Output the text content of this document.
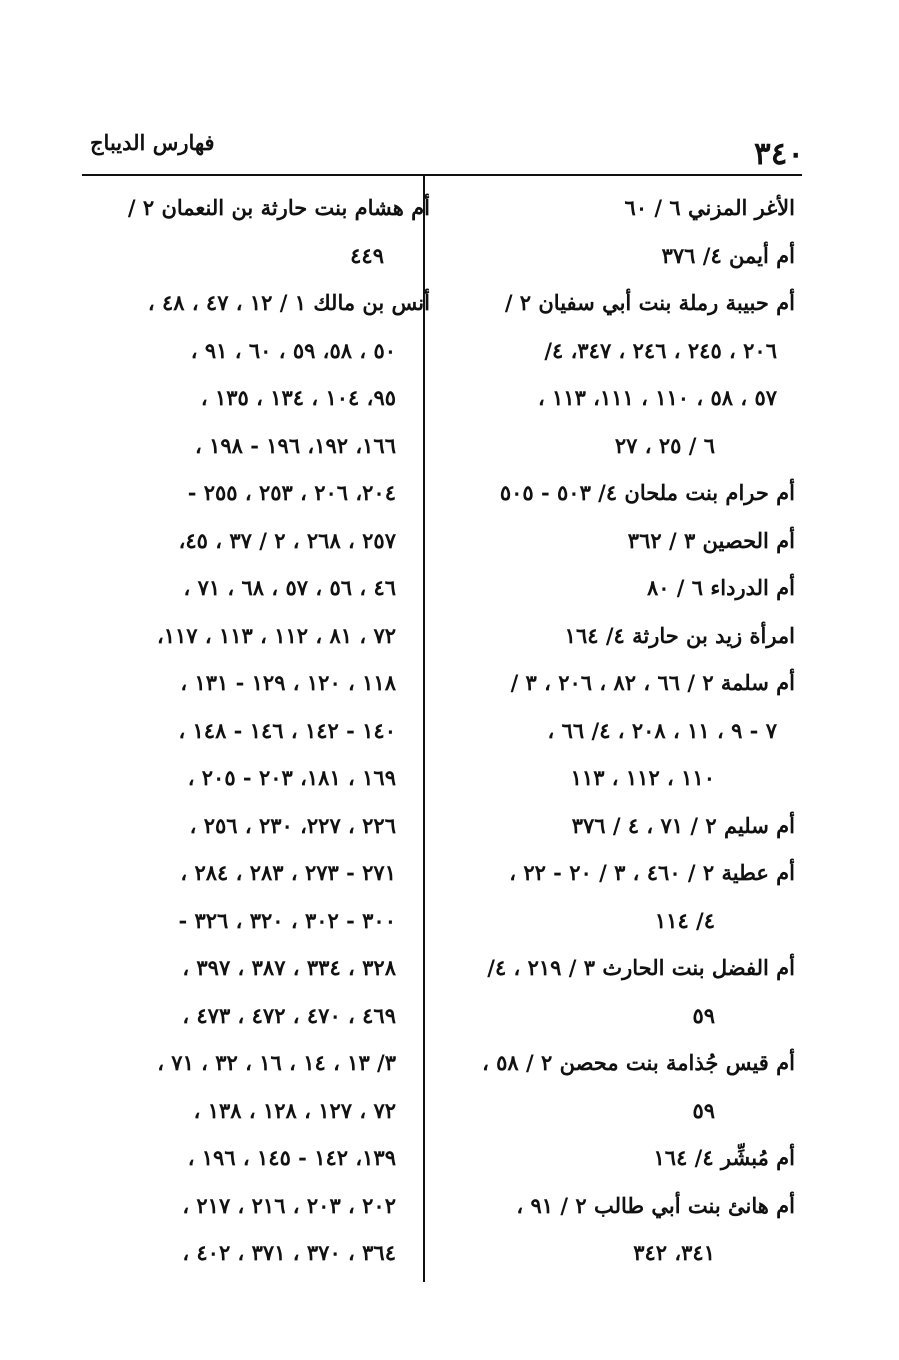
٣٤٠
فهارس الديباج
الأغر المزني ٦ / ٦٠
أم أيمن ٤/ ٣٧٦
أم حبيبة رملة بنت أبي سفيان ٢ /
٢٠٦ ، ٢٤٥ ، ٢٤٦ ، ٣٤٧، ٤/
٥٧ ، ٥٨ ، ١١٠ ، ١١١، ١١٣ ،
٦ / ٢٥ ، ٢٧
أم حرام بنت ملحان ٤/ ٥٠٣ - ٥٠٥
أم الحصين ٣ / ٣٦٢
أم الدرداء ٦ / ٨٠
امرأة زيد بن حارثة ٤/ ١٦٤
أم سلمة ٢ / ٦٦ ، ٨٢ ، ٢٠٦ ، ٣ /
٧ - ٩ ، ١١ ، ٢٠٨ ، ٤/ ٦٦ ،
١١٠ ، ١١٢ ، ١١٣
أم سليم ٢ / ٧١ ، ٤ / ٣٧٦
أم عطية ٢ / ٤٦٠ ، ٣ / ٢٠ - ٢٢ ،
٤/ ١١٤
أم الفضل بنت الحارث ٣ / ٢١٩ ، ٤/
٥٩
أم قيس جُذامة بنت محصن ٢ / ٥٨ ،
٥٩
أم مُبشِّر ٤/ ١٦٤
أم هانئ بنت أبي طالب ٢ / ٩١ ،
٣٤١، ٣٤٢
أم هشام بنت حارثة بن النعمان ٢ /
٤٤٩
أنس بن مالك ١ / ١٢ ، ٤٧ ، ٤٨ ،
٥٠ ، ٥٨، ٥٩ ، ٦٠ ، ٩١ ،
٩٥، ١٠٤ ، ١٣٤ ، ١٣٥ ،
١٦٦، ١٩٢، ١٩٦ - ١٩٨ ،
٢٠٤، ٢٠٦ ، ٢٥٣ ، ٢٥٥ -
٢٥٧ ، ٢٦٨ ، ٢ / ٣٧ ، ٤٥،
٤٦ ، ٥٦ ، ٥٧ ، ٦٨ ، ٧١ ،
٧٢ ، ٨١ ، ١١٢ ، ١١٣ ، ١١٧،
١١٨ ، ١٢٠ ، ١٢٩ - ١٣١ ،
١٤٠ - ١٤٢ ، ١٤٦ - ١٤٨ ،
١٦٩ ، ١٨١، ٢٠٣ - ٢٠٥ ،
٢٢٦ ، ٢٢٧، ٢٣٠ ، ٢٥٦ ،
٢٧١ - ٢٧٣ ، ٢٨٣ ، ٢٨٤ ،
٣٠٠ - ٣٠٢ ، ٣٢٠ ، ٣٢٦ -
٣٢٨ ، ٣٣٤ ، ٣٨٧ ، ٣٩٧ ،
٤٦٩ ، ٤٧٠ ، ٤٧٢ ، ٤٧٣ ،
٣/ ١٣ ، ١٤ ، ١٦ ، ٣٢ ، ٧١ ،
٧٢ ، ١٢٧ ، ١٢٨ ، ١٣٨ ،
١٣٩، ١٤٢ - ١٤٥ ، ١٩٦ ،
٢٠٢ ، ٢٠٣ ، ٢١٦ ، ٢١٧ ،
٣٦٤ ، ٣٧٠ ، ٣٧١ ، ٤٠٢ ،
